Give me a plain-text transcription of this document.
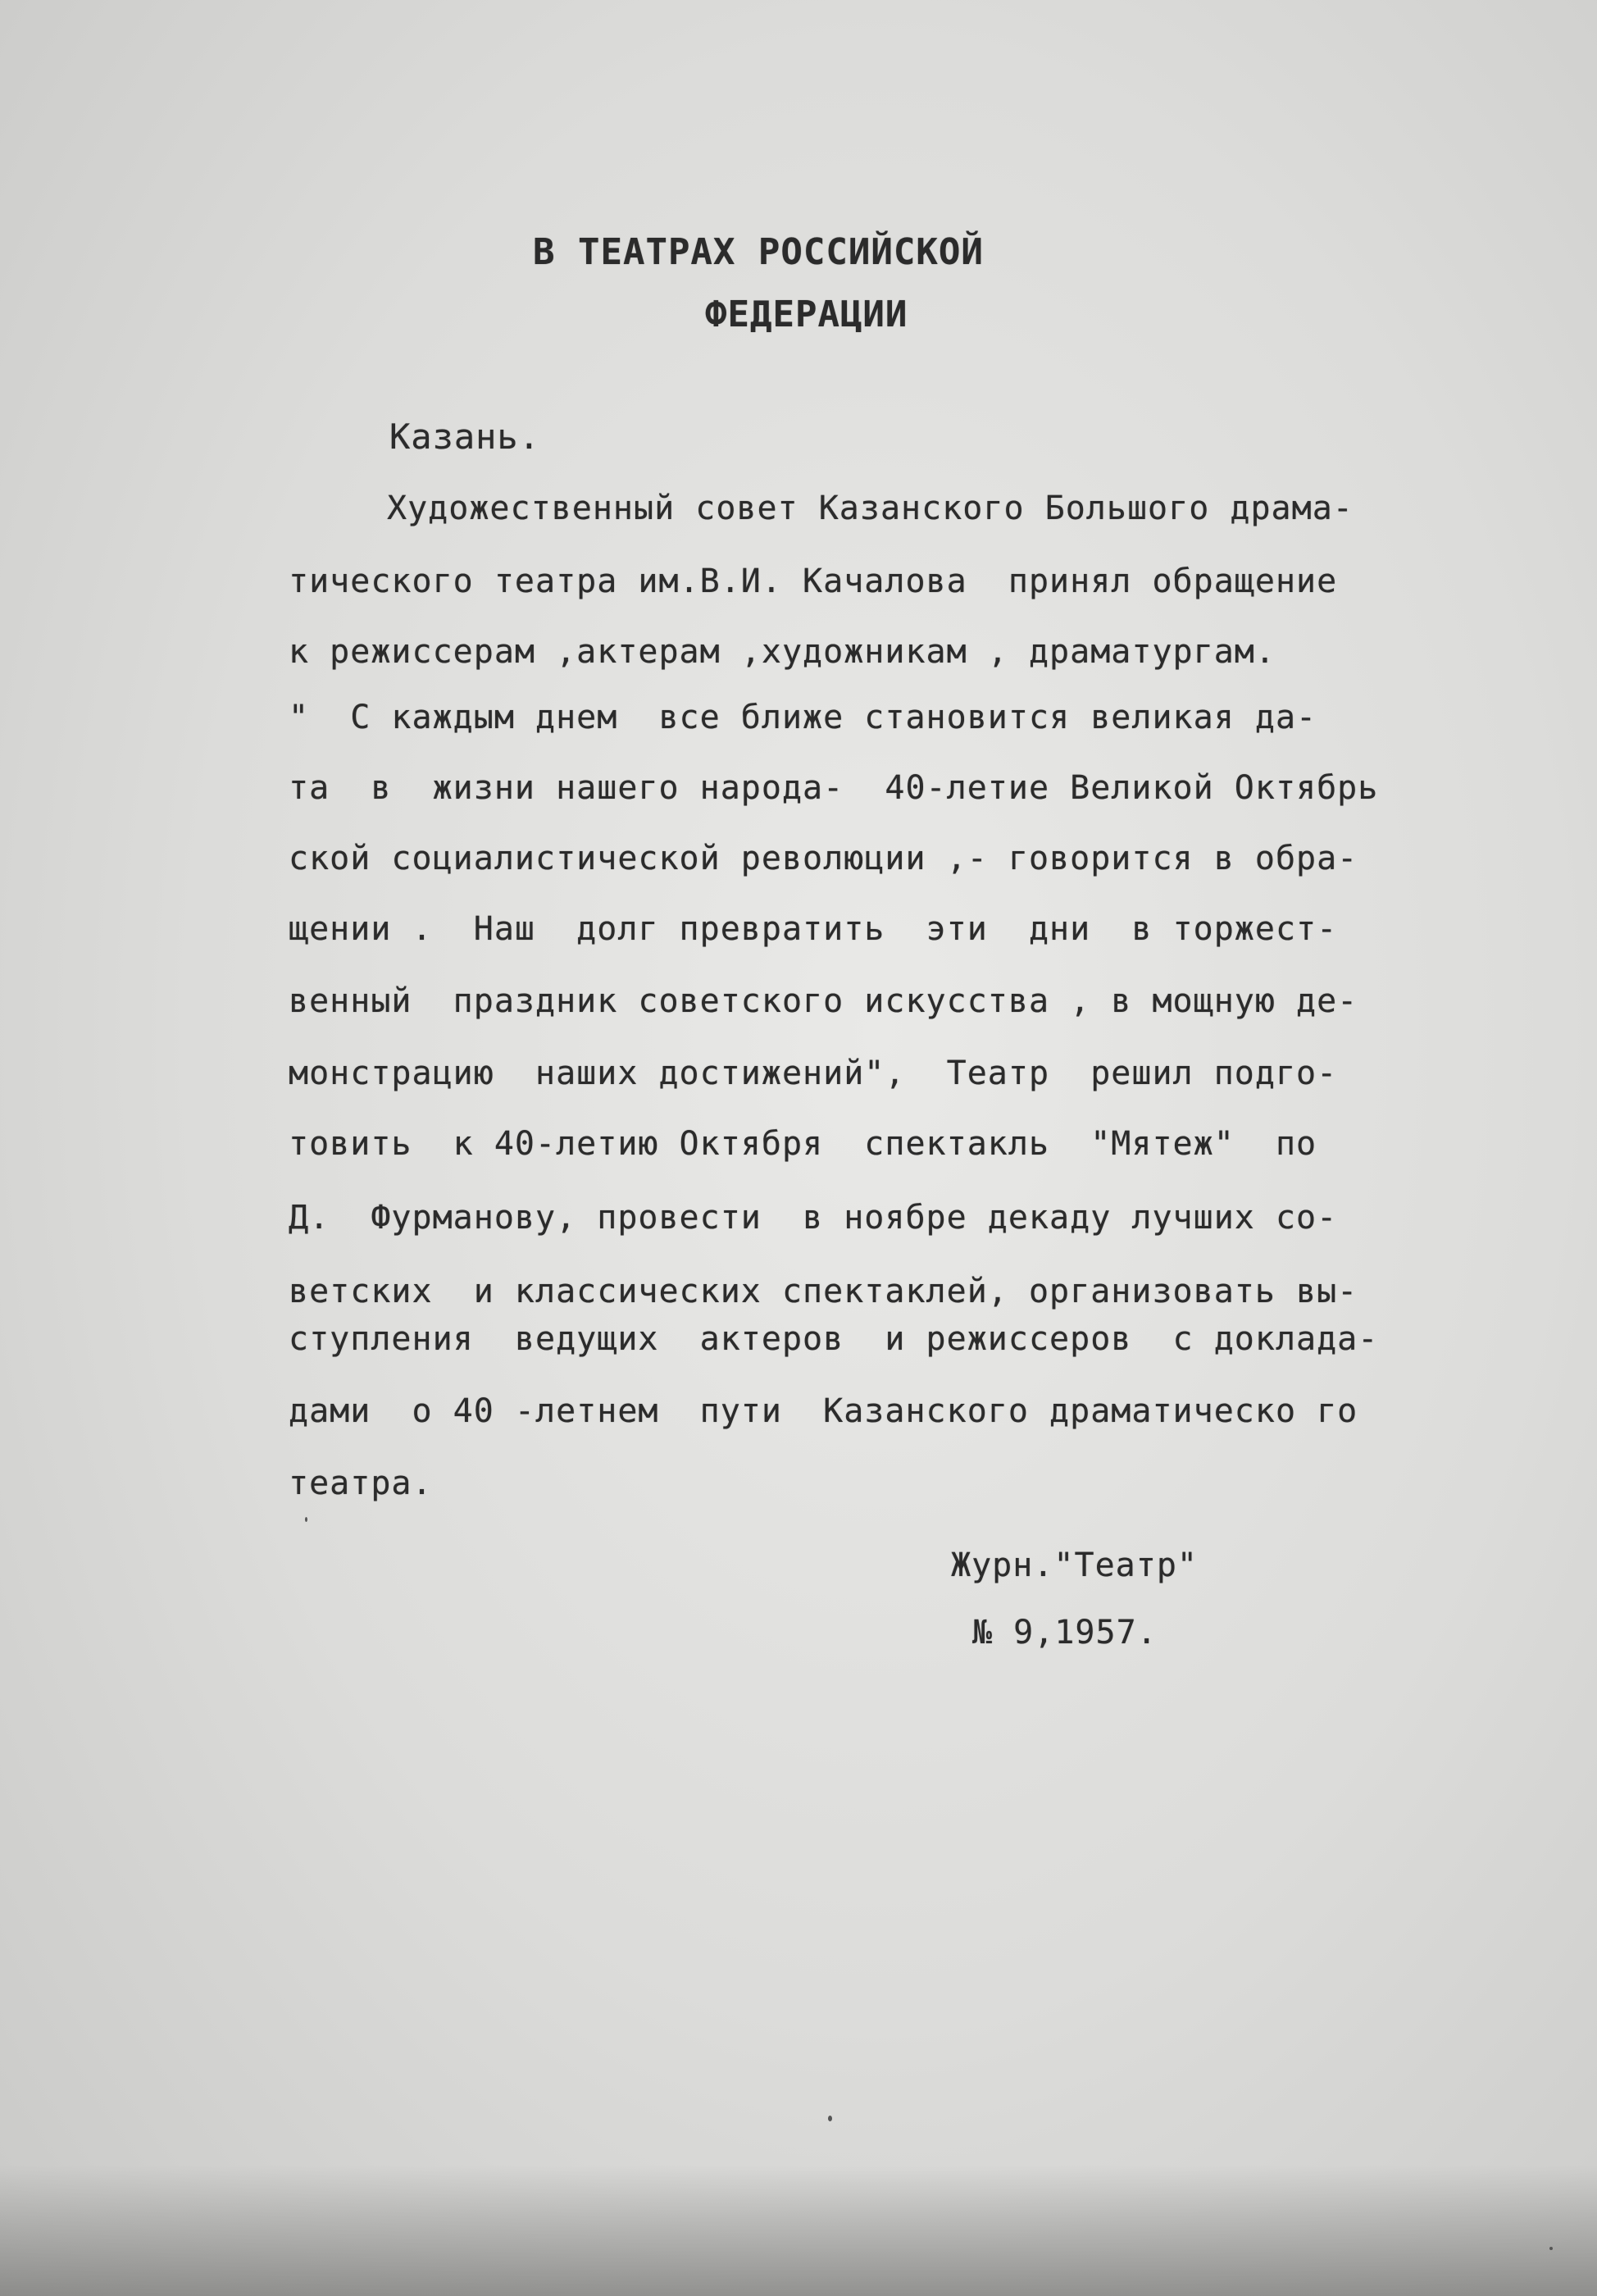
В ТЕАТРАХ РОССИЙСКОЙ
ФЕДЕРАЦИИ
Казань.
Художественный совет Казанского Большого драма-
тического театра им.В.И. Качалова  принял обращение
к режиссерам ,актерам ,художникам , драматургам.
"  С каждым днем  все ближе становится великая да-
та  в  жизни нашего народа-  40-летие Великой Октябрь
ской социалистической революции ,- говорится в обра-
щении .  Наш  долг превратить  эти  дни  в торжест-
венный  праздник советского искусства , в мощную де-
монстрацию  наших достижений",  Театр  решил подго-
товить  к 40-летию Октября  спектакль  "Мятеж"  по
Д.  Фурманову, провести  в ноябре декаду лучших со-
ветских  и классических спектаклей, организовать вы-
ступления  ведущих  актеров  и режиссеров  с доклада-
дами  о 40 -летнем  пути  Казанского драматическо го
театра.
Журн."Театр"
№ 9,1957.
